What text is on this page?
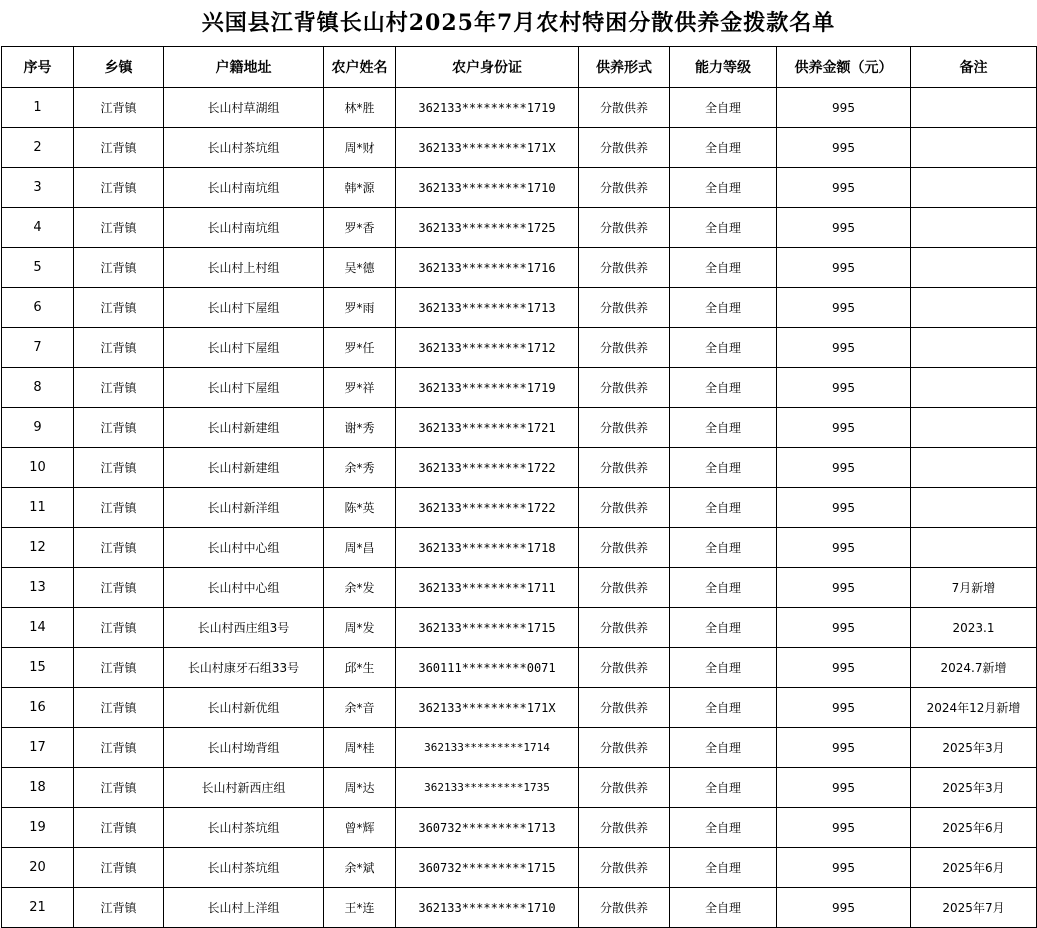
兴国县江背镇长山村2025年7月农村特困分散供养金拨款名单
序号	乡镇	户籍地址	农户姓名	农户身份证	供养形式	能力等级	供养金额（元）	备注
1	江背镇	长山村草湖组	林*胜	362133*********1719	分散供养	全自理	995	
2	江背镇	长山村茶坑组	周*财	362133*********171X	分散供养	全自理	995	
3	江背镇	长山村南坑组	韩*源	362133*********1710	分散供养	全自理	995	
4	江背镇	长山村南坑组	罗*香	362133*********1725	分散供养	全自理	995	
5	江背镇	长山村上村组	吴*德	362133*********1716	分散供养	全自理	995	
6	江背镇	长山村下屋组	罗*雨	362133*********1713	分散供养	全自理	995	
7	江背镇	长山村下屋组	罗*任	362133*********1712	分散供养	全自理	995	
8	江背镇	长山村下屋组	罗*祥	362133*********1719	分散供养	全自理	995	
9	江背镇	长山村新建组	谢*秀	362133*********1721	分散供养	全自理	995	
10	江背镇	长山村新建组	余*秀	362133*********1722	分散供养	全自理	995	
11	江背镇	长山村新洋组	陈*英	362133*********1722	分散供养	全自理	995	
12	江背镇	长山村中心组	周*昌	362133*********1718	分散供养	全自理	995	
13	江背镇	长山村中心组	余*发	362133*********1711	分散供养	全自理	995	7月新增
14	江背镇	长山村西庄组3号	周*发	362133*********1715	分散供养	全自理	995	2023.1
15	江背镇	长山村康牙石组33号	邱*生	360111*********0071	分散供养	全自理	995	2024.7新增
16	江背镇	长山村新优组	余*音	362133*********171X	分散供养	全自理	995	2024年12月新增
17	江背镇	长山村坳背组	周*桂	362133*********1714	分散供养	全自理	995	2025年3月
18	江背镇	长山村新西庄组	周*达	362133*********1735	分散供养	全自理	995	2025年3月
19	江背镇	长山村茶坑组	曾*辉	360732*********1713	分散供养	全自理	995	2025年6月
20	江背镇	长山村茶坑组	余*斌	360732*********1715	分散供养	全自理	995	2025年6月
21	江背镇	长山村上洋组	王*连	362133*********1710	分散供养	全自理	995	2025年7月
